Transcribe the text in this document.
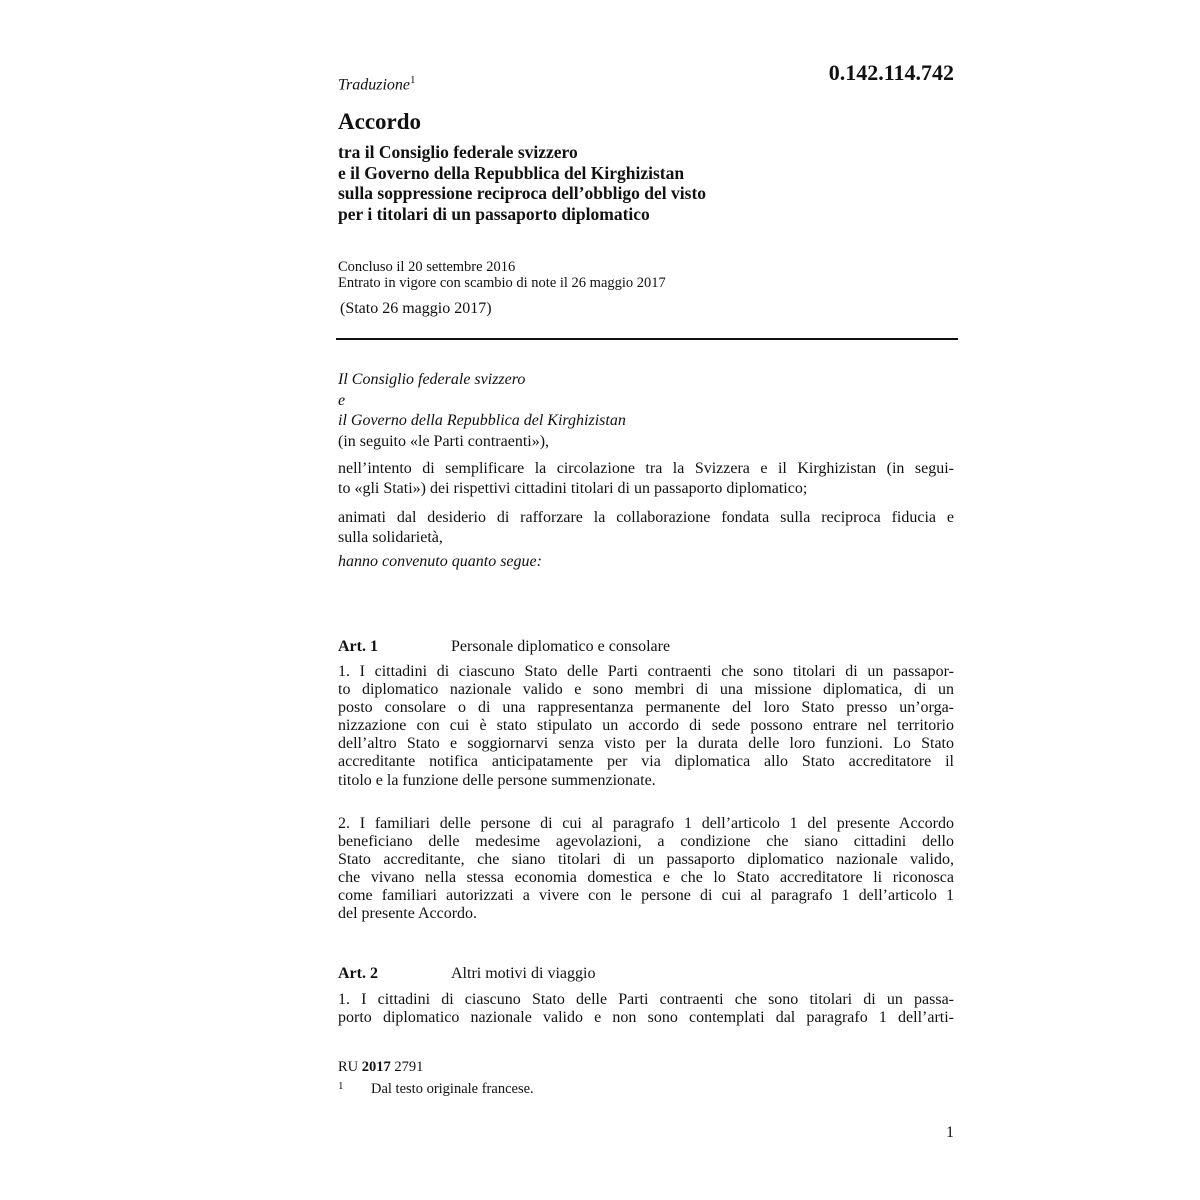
0.142.114.742
Traduzione$^1$
Accordo
tra il Consiglio federale svizzero
e il Governo della Repubblica del Kirghizistan
sulla soppressione reciproca dell’obbligo del visto
per i titolari di un passaporto diplomatico
Concluso il 20 settembre 2016
Entrato in vigore con scambio di note il 26 maggio 2017
(Stato 26 maggio 2017)
Il Consiglio federale svizzero
e
il Governo della Repubblica del Kirghizistan
(in seguito «le Parti contraenti»),
nell’intento di semplificare la circolazione tra la Svizzera e il Kirghizistan (in segui-
to «gli Stati») dei rispettivi cittadini titolari di un passaporto diplomatico;
animati dal desiderio di rafforzare la collaborazione fondata sulla reciproca fiducia e
sulla solidarietà,
hanno convenuto quanto segue:
Art. 1	Personale diplomatico e consolare
1. I cittadini di ciascuno Stato delle Parti contraenti che sono titolari di un passapor-
to diplomatico nazionale valido e sono membri di una missione diplomatica, di un
posto consolare o di una rappresentanza permanente del loro Stato presso un’orga-
nizzazione con cui è stato stipulato un accordo di sede possono entrare nel territorio
dell’altro Stato e soggiornarvi senza visto per la durata delle loro funzioni. Lo Stato
accreditante notifica anticipatamente per via diplomatica allo Stato accreditatore il
titolo e la funzione delle persone summenzionate.
2. I familiari delle persone di cui al paragrafo 1 dell’articolo 1 del presente Accordo
beneficiano delle medesime agevolazioni, a condizione che siano cittadini dello
Stato accreditante, che siano titolari di un passaporto diplomatico nazionale valido,
che vivano nella stessa economia domestica e che lo Stato accreditatore li riconosca
come familiari autorizzati a vivere con le persone di cui al paragrafo 1 dell’articolo 1
del presente Accordo.
Art. 2	Altri motivi di viaggio
1. I cittadini di ciascuno Stato delle Parti contraenti che sono titolari di un passa-
porto diplomatico nazionale valido e non sono contemplati dal paragrafo 1 dell’arti-
RU 2017 2791
1 Dal testo originale francese.
1
